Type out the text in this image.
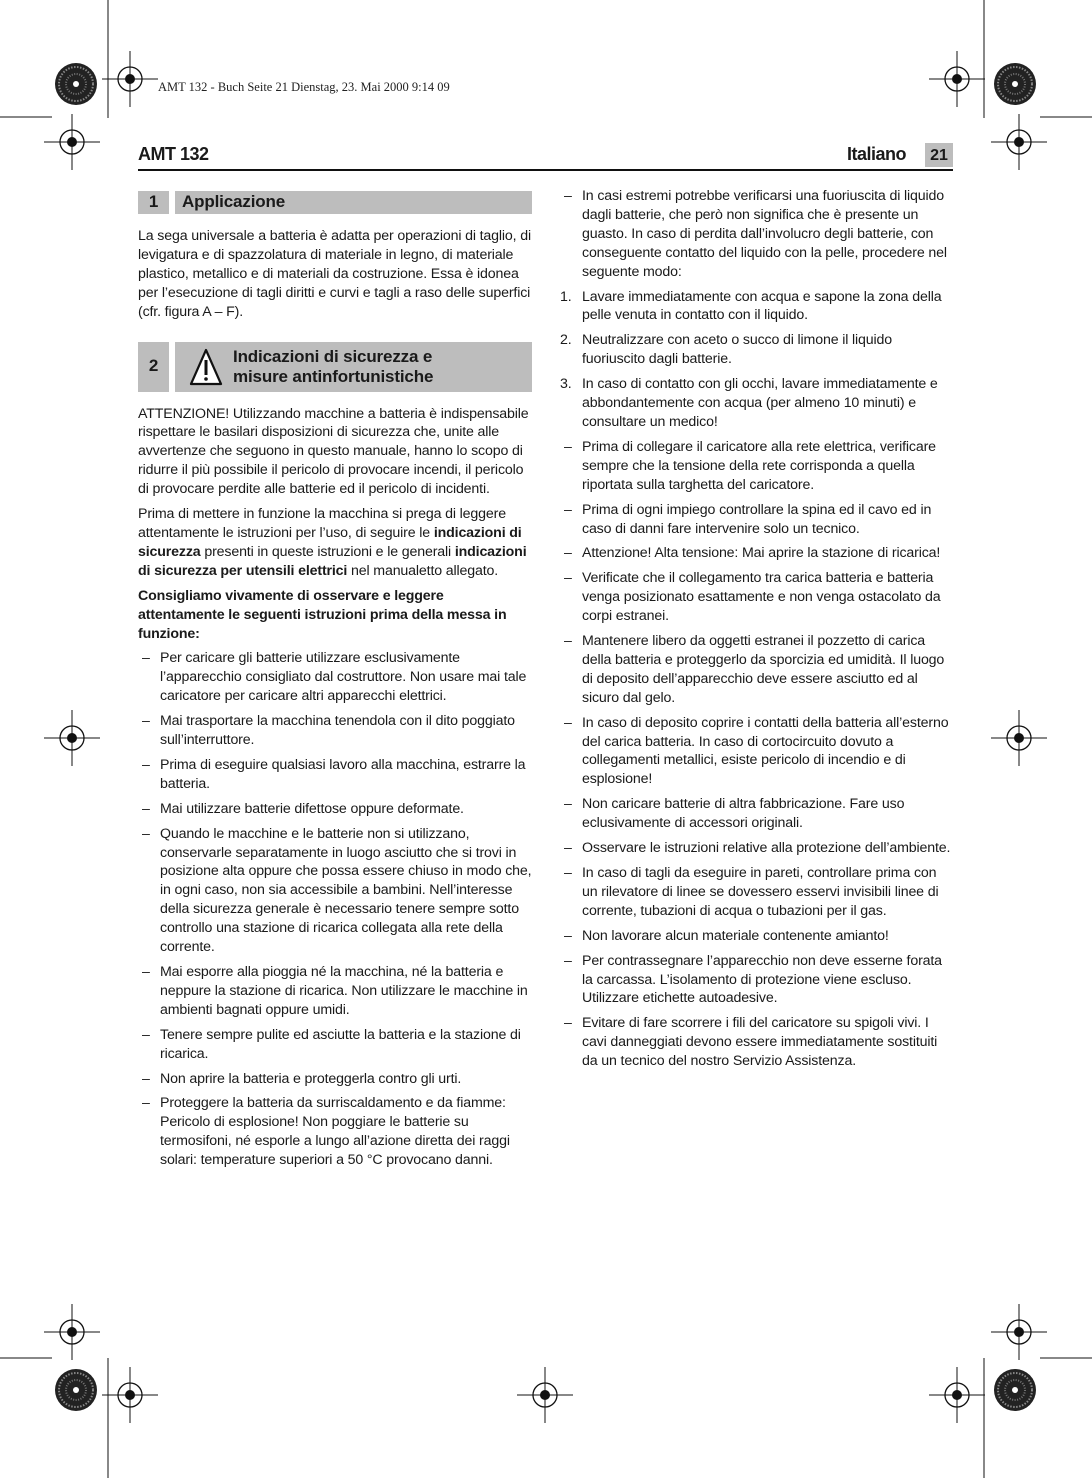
AMT 132 - Buch Seite 21 Dienstag, 23. Mai 2000 9:14 09
AMT 132	Italiano	21
1	Applicazione

La sega universale a batteria è adatta per operazioni di taglio, di levigatura e di spazzolatura di materiale in legno, di materiale plastico, metallico e di materiali da costruzione. Essa è idonea per l’esecuzione di tagli diritti e curvi e tagli a raso delle superfici (cfr. figura A – F).

2
Indicazioni di sicurezza e
misure antinfortunistiche

ATTENZIONE! Utilizzando macchine a batteria è indispensabile rispettare le basilari disposizioni di sicurezza che, unite alle avvertenze che seguono in questo manuale, hanno lo scopo di ridurre il più possibile il pericolo di provocare incendi, il pericolo di provocare perdite alle batterie ed il pericolo di incidenti.

Prima di mettere in funzione la macchina si prega di leggere attentamente le istruzioni per l’uso, di seguire le indicazioni di sicurezza presenti in queste istruzioni e le generali indicazioni di sicurezza per utensili elettrici nel manualetto allegato.

Consigliamo vivamente di osservare e leggere attentamente le seguenti istruzioni prima della messa in funzione:

– Per caricare gli batterie utilizzare esclusivamente l’apparecchio consigliato dal costruttore. Non usare mai tale caricatore per caricare altri apparecchi elettrici.
– Mai trasportare la macchina tenendola con il dito poggiato sull’interruttore.
– Prima di eseguire qualsiasi lavoro alla macchina, estrarre la batteria.
– Mai utilizzare batterie difettose oppure deformate.
– Quando le macchine e le batterie non si utilizzano, conservarle separatamente in luogo asciutto che si trovi in posizione alta oppure che possa essere chiuso in modo che, in ogni caso, non sia accessibile a bambini. Nell’interesse della sicurezza generale è necessario tenere sempre sotto controllo una stazione di ricarica collegata alla rete della corrente.
– Mai esporre alla pioggia né la macchina, né la batteria e neppure la stazione di ricarica. Non utilizzare le macchine in ambienti bagnati oppure umidi.
– Tenere sempre pulite ed asciutte la batteria e la stazione di ricarica.
– Non aprire la batteria e proteggerla contro gli urti.
– Proteggere la batteria da surriscaldamento e da fiamme: Pericolo di esplosione! Non poggiare le batterie su termosifoni, né esporle a lungo all’azione diretta dei raggi solari: temperature superiori a 50 °C provocano danni.
– In casi estremi potrebbe verificarsi una fuoriuscita di liquido dagli batterie, che però non significa che è presente un guasto. In caso di perdita dall’involucro degli batterie, con conseguente contatto del liquido con la pelle, procedere nel seguente modo:
1. Lavare immediatamente con acqua e sapone la zona della pelle venuta in contatto con il liquido.
2. Neutralizzare con aceto o succo di limone il liquido fuoriuscito dagli batterie.
3. In caso di contatto con gli occhi, lavare immediatamente e abbondantemente con acqua (per almeno 10 minuti) e consultare un medico!
– Prima di collegare il caricatore alla rete elettrica, verificare sempre che la tensione della rete corrisponda a quella riportata sulla targhetta del caricatore.
– Prima di ogni impiego controllare la spina ed il cavo ed in caso di danni fare intervenire solo un tecnico.
– Attenzione! Alta tensione: Mai aprire la stazione di ricarica!
– Verificate che il collegamento tra carica batteria e batteria venga posizionato esattamente e non venga ostacolato da corpi estranei.
– Mantenere libero da oggetti estranei il pozzetto di carica della batteria e proteggerlo da sporcizia ed umidità. Il luogo di deposito dell’apparecchio deve essere asciutto ed al sicuro dal gelo.
– In caso di deposito coprire i contatti della batteria all’esterno del carica batteria. In caso di cortocircuito dovuto a collegamenti metallici, esiste pericolo di incendio e di esplosione!
– Non caricare batterie di altra fabbricazione. Fare uso eclusivamente di accessori originali.
– Osservare le istruzioni relative alla protezione dell’ambiente.
– In caso di tagli da eseguire in pareti, controllare prima con un rilevatore di linee se dovessero esservi invisibili linee di corrente, tubazioni di acqua o tubazioni per il gas.
– Non lavorare alcun materiale contenente amianto!
– Per contrassegnare l’apparecchio non deve esserne forata la carcassa. L’isolamento di protezione viene escluso. Utilizzare etichette autoadesive.
– Evitare di fare scorrere i fili del caricatore su spigoli vivi. I cavi danneggiati devono essere immediatamente sostituiti da un tecnico del nostro Servizio Assistenza.
